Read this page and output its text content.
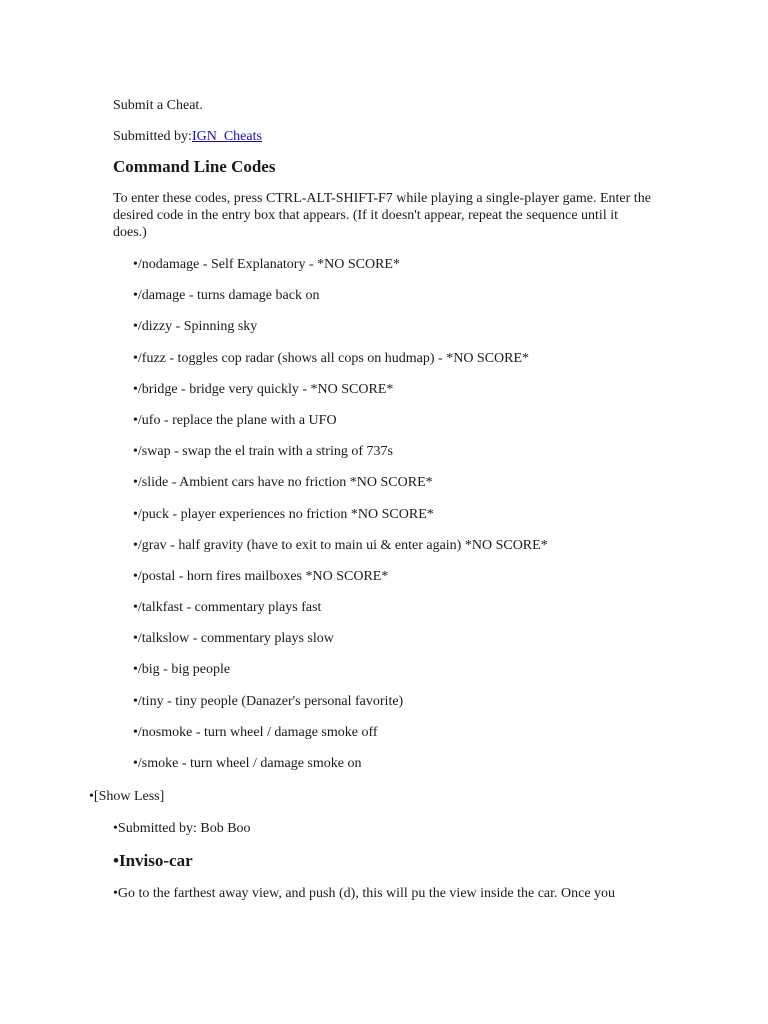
Submit a Cheat.
Submitted by:IGN_Cheats
Command Line Codes
To enter these codes, press CTRL-ALT-SHIFT-F7 while playing a single-player game. Enter the desired code in the entry box that appears. (If it doesn't appear, repeat the sequence until it does.)
•/nodamage - Self Explanatory - *NO SCORE*
•/damage - turns damage back on
•/dizzy - Spinning sky
•/fuzz - toggles cop radar (shows all cops on hudmap) - *NO SCORE*
•/bridge - bridge very quickly - *NO SCORE*
•/ufo - replace the plane with a UFO
•/swap - swap the el train with a string of 737s
•/slide - Ambient cars have no friction *NO SCORE*
•/puck - player experiences no friction *NO SCORE*
•/grav - half gravity (have to exit to main ui & enter again) *NO SCORE*
•/postal - horn fires mailboxes *NO SCORE*
•/talkfast - commentary plays fast
•/talkslow - commentary plays slow
•/big - big people
•/tiny - tiny people (Danazer's personal favorite)
•/nosmoke - turn wheel / damage smoke off
•/smoke - turn wheel / damage smoke on
•[Show Less]
•Submitted by: Bob Boo
•Inviso-car
•Go to the farthest away view, and push (d), this will pu the view inside the car. Once you
